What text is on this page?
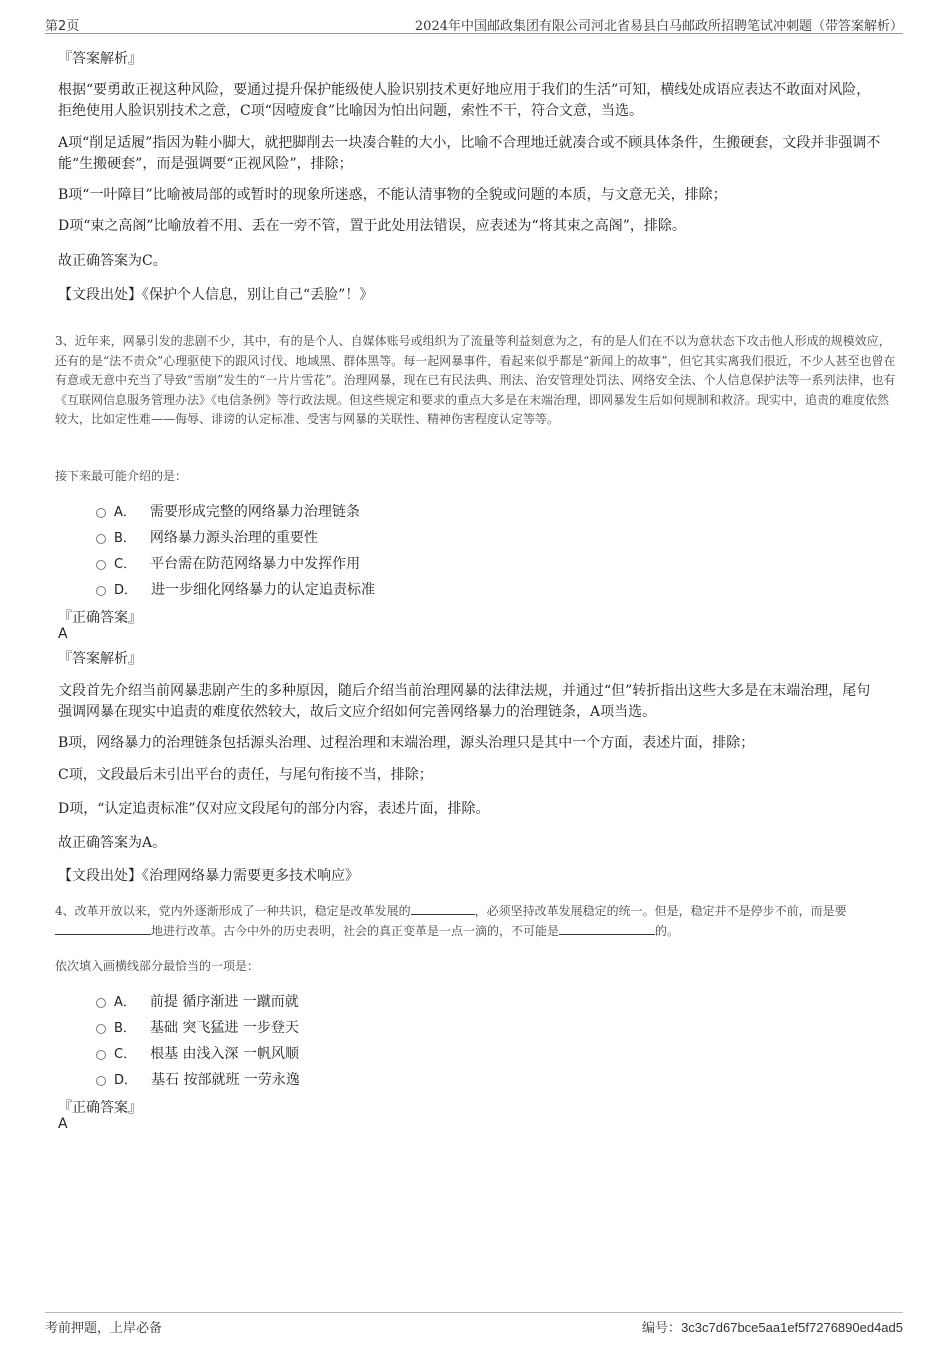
第2页	2024年中国邮政集团有限公司河北省易县白马邮政所招聘笔试冲刺题（带答案解析）
『答案解析』
根据“要勇敢正视这种风险，要通过提升保护能级使人脸识别技术更好地应用于我们的生活”可知，横线处成语应表达不敢面对风险，拒绝使用人脸识别技术之意，C项“因噎废食”比喻因为怕出问题，索性不干，符合文意，当选。
A项“削足适履”指因为鞋小脚大，就把脚削去一块凑合鞋的大小，比喻不合理地迁就凑合或不顾具体条件，生搬硬套，文段并非强调不能“生搬硬套”，而是强调要“正视风险”，排除；
B项“一叶障目”比喻被局部的或暂时的现象所迷惑，不能认清事物的全貌或问题的本质，与文意无关，排除；
D项“束之高阁”比喻放着不用、丢在一旁不管，置于此处用法错误，应表述为“将其束之高阁”，排除。
故正确答案为C。
【文段出处】《保护个人信息，别让自己“丢脸”！》
3、近年来，网暴引发的悲剧不少，其中，有的是个人、自媒体账号或组织为了流量等利益刻意为之，有的是人们在不以为意状态下攻击他人形成的规模效应，还有的是“法不责众”心理驱使下的跟风讨伐、地域黑、群体黑等。每一起网暴事件，看起来似乎都是“新闻上的故事”，但它其实离我们很近，不少人甚至也曾在有意或无意中充当了导致“雪崩”发生的“一片片雪花”。治理网暴，现在已有民法典、刑法、治安管理处罚法、网络安全法、个人信息保护法等一系列法律，也有《互联网信息服务管理办法》《电信条例》等行政法规。但这些规定和要求的重点大多是在末端治理，即网暴发生后如何规制和救济。现实中，追责的难度依然较大，比如定性难——侮辱、诽谤的认定标准、受害与网暴的关联性、精神伤害程度认定等等。
接下来最可能介绍的是：
A． 需要形成完整的网络暴力治理链条
B． 网络暴力源头治理的重要性
C． 平台需在防范网络暴力中发挥作用
D． 进一步细化网络暴力的认定追责标准
『正确答案』
A
『答案解析』
文段首先介绍当前网暴悲剧产生的多种原因，随后介绍当前治理网暴的法律法规，并通过“但”转折指出这些大多是在末端治理，尾句强调网暴在现实中追责的难度依然较大，故后文应介绍如何完善网络暴力的治理链条，A项当选。
B项，网络暴力的治理链条包括源头治理、过程治理和末端治理，源头治理只是其中一个方面，表述片面，排除；
C项，文段最后未引出平台的责任，与尾句衔接不当，排除；
D项，“认定追责标准”仅对应文段尾句的部分内容，表述片面，排除。
故正确答案为A。
【文段出处】《治理网络暴力需要更多技术响应》
4、改革开放以来，党内外逐渐形成了一种共识，稳定是改革发展的	，必须坚持改革发展稳定的统一。但是，稳定并不是停步不前，而是要地进行改革。古今中外的历史表明，社会的真正变革是一点一滴的，不可能是	的。
依次填入画横线部分最恰当的一项是：
A． 前提 循序渐进 一蹴而就
B． 基础 突飞猛进 一步登天
C． 根基 由浅入深 一帆风顺
D． 基石 按部就班 一劳永逸
『正确答案』
A
考前押题，上岸必备	编号：3c3c7d67bce5aa1ef5f7276890ed4ad5
